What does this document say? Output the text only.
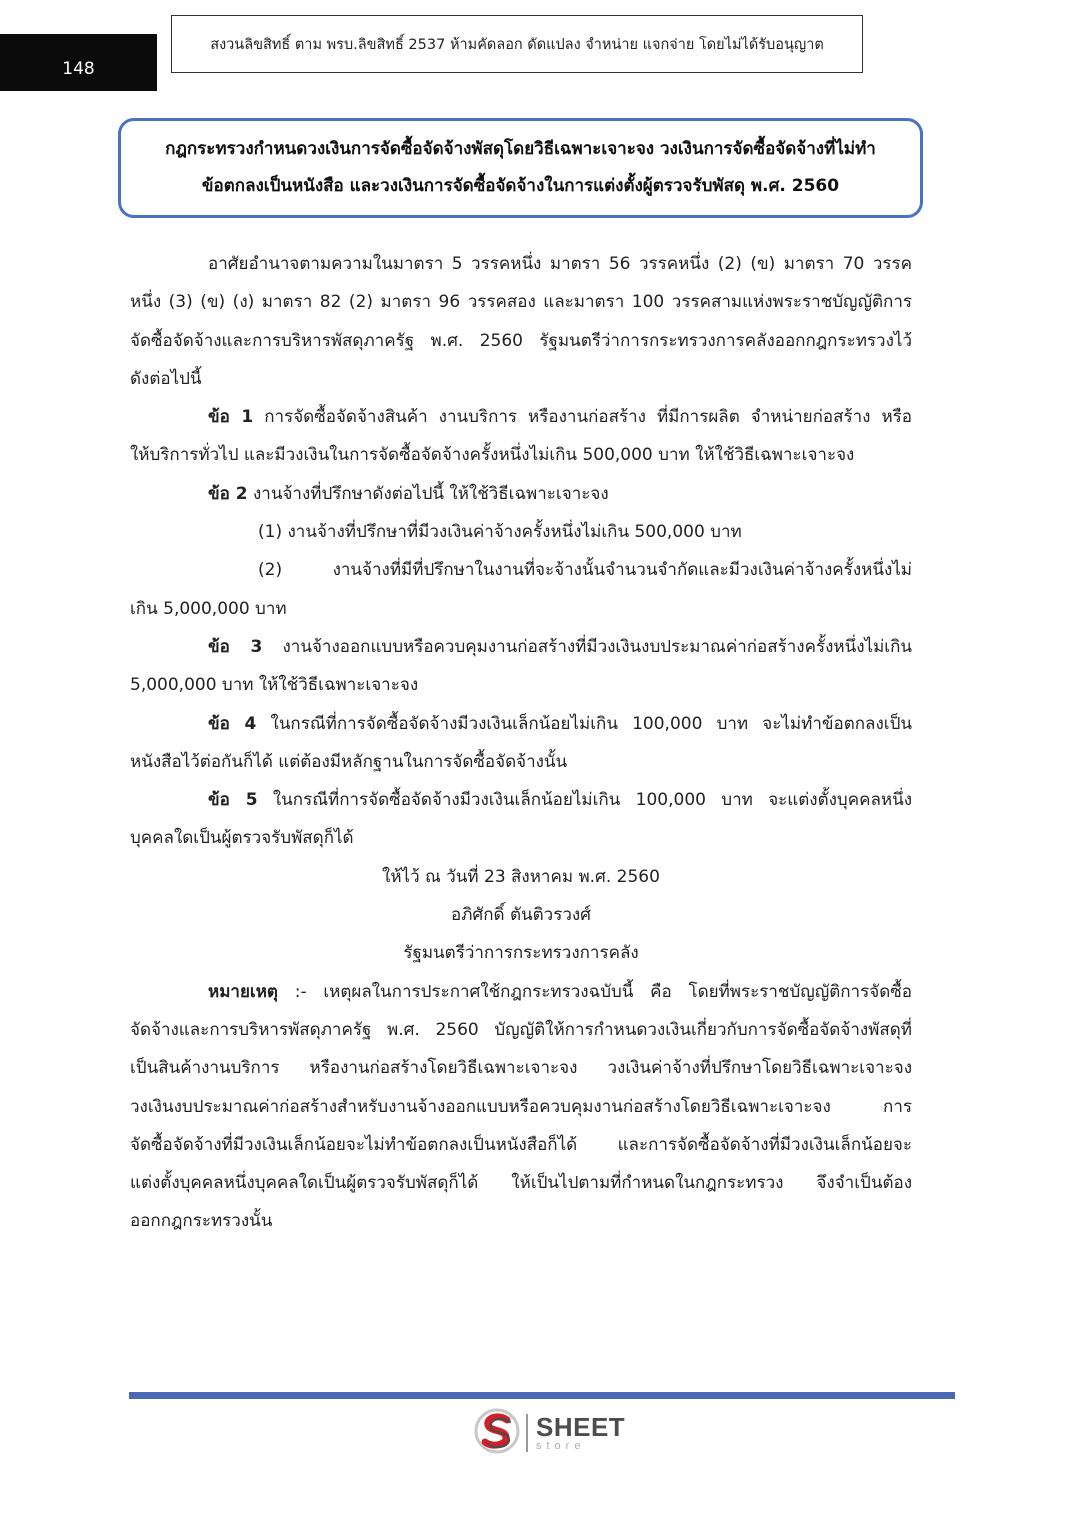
148
สงวนลิขสิทธิ์ ตาม พรบ.ลิขสิทธิ์ 2537 ห้ามคัดลอก ดัดแปลง จำหน่าย แจกจ่าย โดยไม่ได้รับอนุญาต
กฎกระทรวงกำหนดวงเงินการจัดซื้อจัดจ้างพัสดุโดยวิธีเฉพาะเจาะจง วงเงินการจัดซื้อจัดจ้างที่ไม่ทำ
ข้อตกลงเป็นหนังสือ และวงเงินการจัดซื้อจัดจ้างในการแต่งตั้งผู้ตรวจรับพัสดุ พ.ศ. 2560

อาศัยอำนาจตามความในมาตรา 5 วรรคหนึ่ง มาตรา 56 วรรคหนึ่ง (2) (ข) มาตรา 70 วรรค

หนึ่ง (3) (ข) (ง) มาตรา 82 (2) มาตรา 96 วรรคสอง และมาตรา 100 วรรคสามแห่งพระราชบัญญัติการ

จัดซื้อจัดจ้างและการบริหารพัสดุภาครัฐ พ.ศ. 2560 รัฐมนตรีว่าการกระทรวงการคลังออกกฎกระทรวงไว้

ดังต่อไปนี้

ข้อ 1 การจัดซื้อจัดจ้างสินค้า งานบริการ หรืองานก่อสร้าง ที่มีการผลิต จำหน่ายก่อสร้าง หรือ

ให้บริการทั่วไป และมีวงเงินในการจัดซื้อจัดจ้างครั้งหนึ่งไม่เกิน 500,000 บาท ให้ใช้วิธีเฉพาะเจาะจง

ข้อ 2 งานจ้างที่ปรึกษาดังต่อไปนี้ ให้ใช้วิธีเฉพาะเจาะจง

(1) งานจ้างที่ปรึกษาที่มีวงเงินค่าจ้างครั้งหนึ่งไม่เกิน 500,000 บาท

(2) งานจ้างที่มีที่ปรึกษาในงานที่จะจ้างนั้นจำนวนจำกัดและมีวงเงินค่าจ้างครั้งหนึ่งไม่

เกิน 5,000,000 บาท

ข้อ 3 งานจ้างออกแบบหรือควบคุมงานก่อสร้างที่มีวงเงินงบประมาณค่าก่อสร้างครั้งหนึ่งไม่เกิน

5,000,000 บาท ให้ใช้วิธีเฉพาะเจาะจง

ข้อ 4 ในกรณีที่การจัดซื้อจัดจ้างมีวงเงินเล็กน้อยไม่เกิน 100,000 บาท จะไม่ทำข้อตกลงเป็น

หนังสือไว้ต่อกันก็ได้ แต่ต้องมีหลักฐานในการจัดซื้อจัดจ้างนั้น

ข้อ 5 ในกรณีที่การจัดซื้อจัดจ้างมีวงเงินเล็กน้อยไม่เกิน 100,000 บาท จะแต่งตั้งบุคคลหนึ่ง

บุคคลใดเป็นผู้ตรวจรับพัสดุก็ได้

ให้ไว้ ณ วันที่ 23 สิงหาคม พ.ศ. 2560

อภิศักดิ์ ตันติวรวงศ์

รัฐมนตรีว่าการกระทรวงการคลัง

หมายเหตุ :- เหตุผลในการประกาศใช้กฎกระทรวงฉบับนี้ คือ โดยที่พระราชบัญญัติการจัดซื้อ

จัดจ้างและการบริหารพัสดุภาครัฐ พ.ศ. 2560 บัญญัติให้การกำหนดวงเงินเกี่ยวกับการจัดซื้อจัดจ้างพัสดุที่

เป็นสินค้างานบริการ หรืองานก่อสร้างโดยวิธีเฉพาะเจาะจง วงเงินค่าจ้างที่ปรึกษาโดยวิธีเฉพาะเจาะจง

วงเงินงบประมาณค่าก่อสร้างสำหรับงานจ้างออกแบบหรือควบคุมงานก่อสร้างโดยวิธีเฉพาะเจาะจง การ

จัดซื้อจัดจ้างที่มีวงเงินเล็กน้อยจะไม่ทำข้อตกลงเป็นหนังสือก็ได้ และการจัดซื้อจัดจ้างที่มีวงเงินเล็กน้อยจะ

แต่งตั้งบุคคลหนึ่งบุคคลใดเป็นผู้ตรวจรับพัสดุก็ได้ ให้เป็นไปตามที่กำหนดในกฎกระทรวง จึงจำเป็นต้อง

ออกกฎกระทรวงนั้น

SHEET
store
